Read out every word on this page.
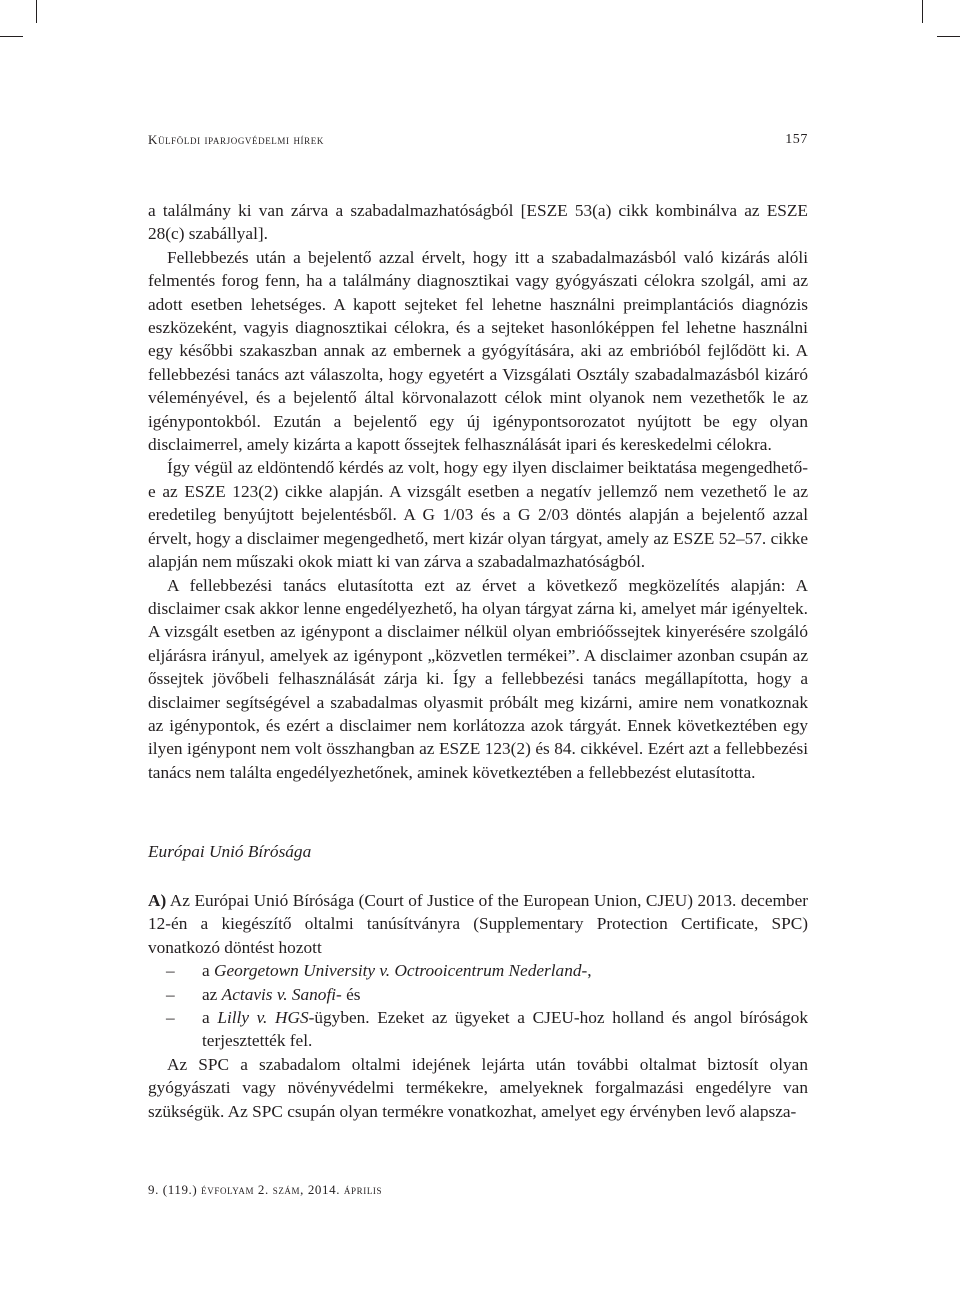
Külföldi iparjogvédelmi hírek	157

a találmány ki van zárva a szabadalmazhatóságból [ESZE 53(a) cikk kombinálva az ESZE 28(c) szabállyal].

Fellebbezés után a bejelentő azzal érvelt, hogy itt a szabadalmazásból való kizárás alóli felmentés forog fenn, ha a találmány diagnosztikai vagy gyógyászati célokra szolgál, ami az adott esetben lehetséges. A kapott sejteket fel lehetne használni preimplantációs diagnózis eszközeként, vagyis diagnosztikai célokra, és a sejteket hasonlóképpen fel lehetne használni egy későbbi szakaszban annak az embernek a gyógyítására, aki az embrióból fejlődött ki. A fellebbezési tanács azt válaszolta, hogy egyetért a Vizsgálati Osztály szabadalmazásból kizáró véleményével, és a bejelentő által körvonalazott célok mint olyanok nem vezethetők le az igénypontokból. Ezután a bejelentő egy új igénypontsorozatot nyújtott be egy olyan disclaimerrel, amely kizárta a kapott őssejtek felhasználását ipari és kereskedelmi célokra.

Így végül az eldöntendő kérdés az volt, hogy egy ilyen disclaimer beiktatása megengedhető-e az ESZE 123(2) cikke alapján. A vizsgált esetben a negatív jellemző nem vezethető le az eredetileg benyújtott bejelentésből. A G 1/03 és a G 2/03 döntés alapján a bejelentő azzal érvelt, hogy a disclaimer megengedhető, mert kizár olyan tárgyat, amely az ESZE 52–57. cikke alapján nem műszaki okok miatt ki van zárva a szabadalmazhatóságból.

A fellebbezési tanács elutasította ezt az érvet a következő megközelítés alapján: A disclaimer csak akkor lenne engedélyezhető, ha olyan tárgyat zárna ki, amelyet már igényeltek. A vizsgált esetben az igénypont a disclaimer nélkül olyan embrióőssejtek kinyerésére szolgáló eljárásra irányul, amelyek az igénypont „közvetlen termékei”. A disclaimer azonban csupán az őssejtek jövőbeli felhasználását zárja ki. Így a fellebbezési tanács megállapította, hogy a disclaimer segítségével a szabadalmas olyasmit próbált meg kizárni, amire nem vonatkoznak az igénypontok, és ezért a disclaimer nem korlátozza azok tárgyát. Ennek következtében egy ilyen igénypont nem volt összhangban az ESZE 123(2) és 84. cikkével. Ezért azt a fellebbezési tanács nem találta engedélyezhetőnek, aminek következtében a fellebbezést elutasította.

Európai Unió Bírósága

A) Az Európai Unió Bírósága (Court of Justice of the European Union, CJEU) 2013. december 12-én a kiegészítő oltalmi tanúsítványra (Supplementary Protection Certificate, SPC) vonatkozó döntést hozott

– a Georgetown University v. Octrooicentrum Nederland-,
– az Actavis v. Sanofi- és
– a Lilly v. HGS-ügyben. Ezeket az ügyeket a CJEU-hoz holland és angol bíróságok terjesztették fel.

Az SPC a szabadalom oltalmi idejének lejárta után további oltalmat biztosít olyan gyógyászati vagy növényvédelmi termékekre, amelyeknek forgalmazási engedélyre van szükségük. Az SPC csupán olyan termékre vonatkozhat, amelyet egy érvényben levő alapsza-

9. (119.) évfolyam 2. szám, 2014. április
